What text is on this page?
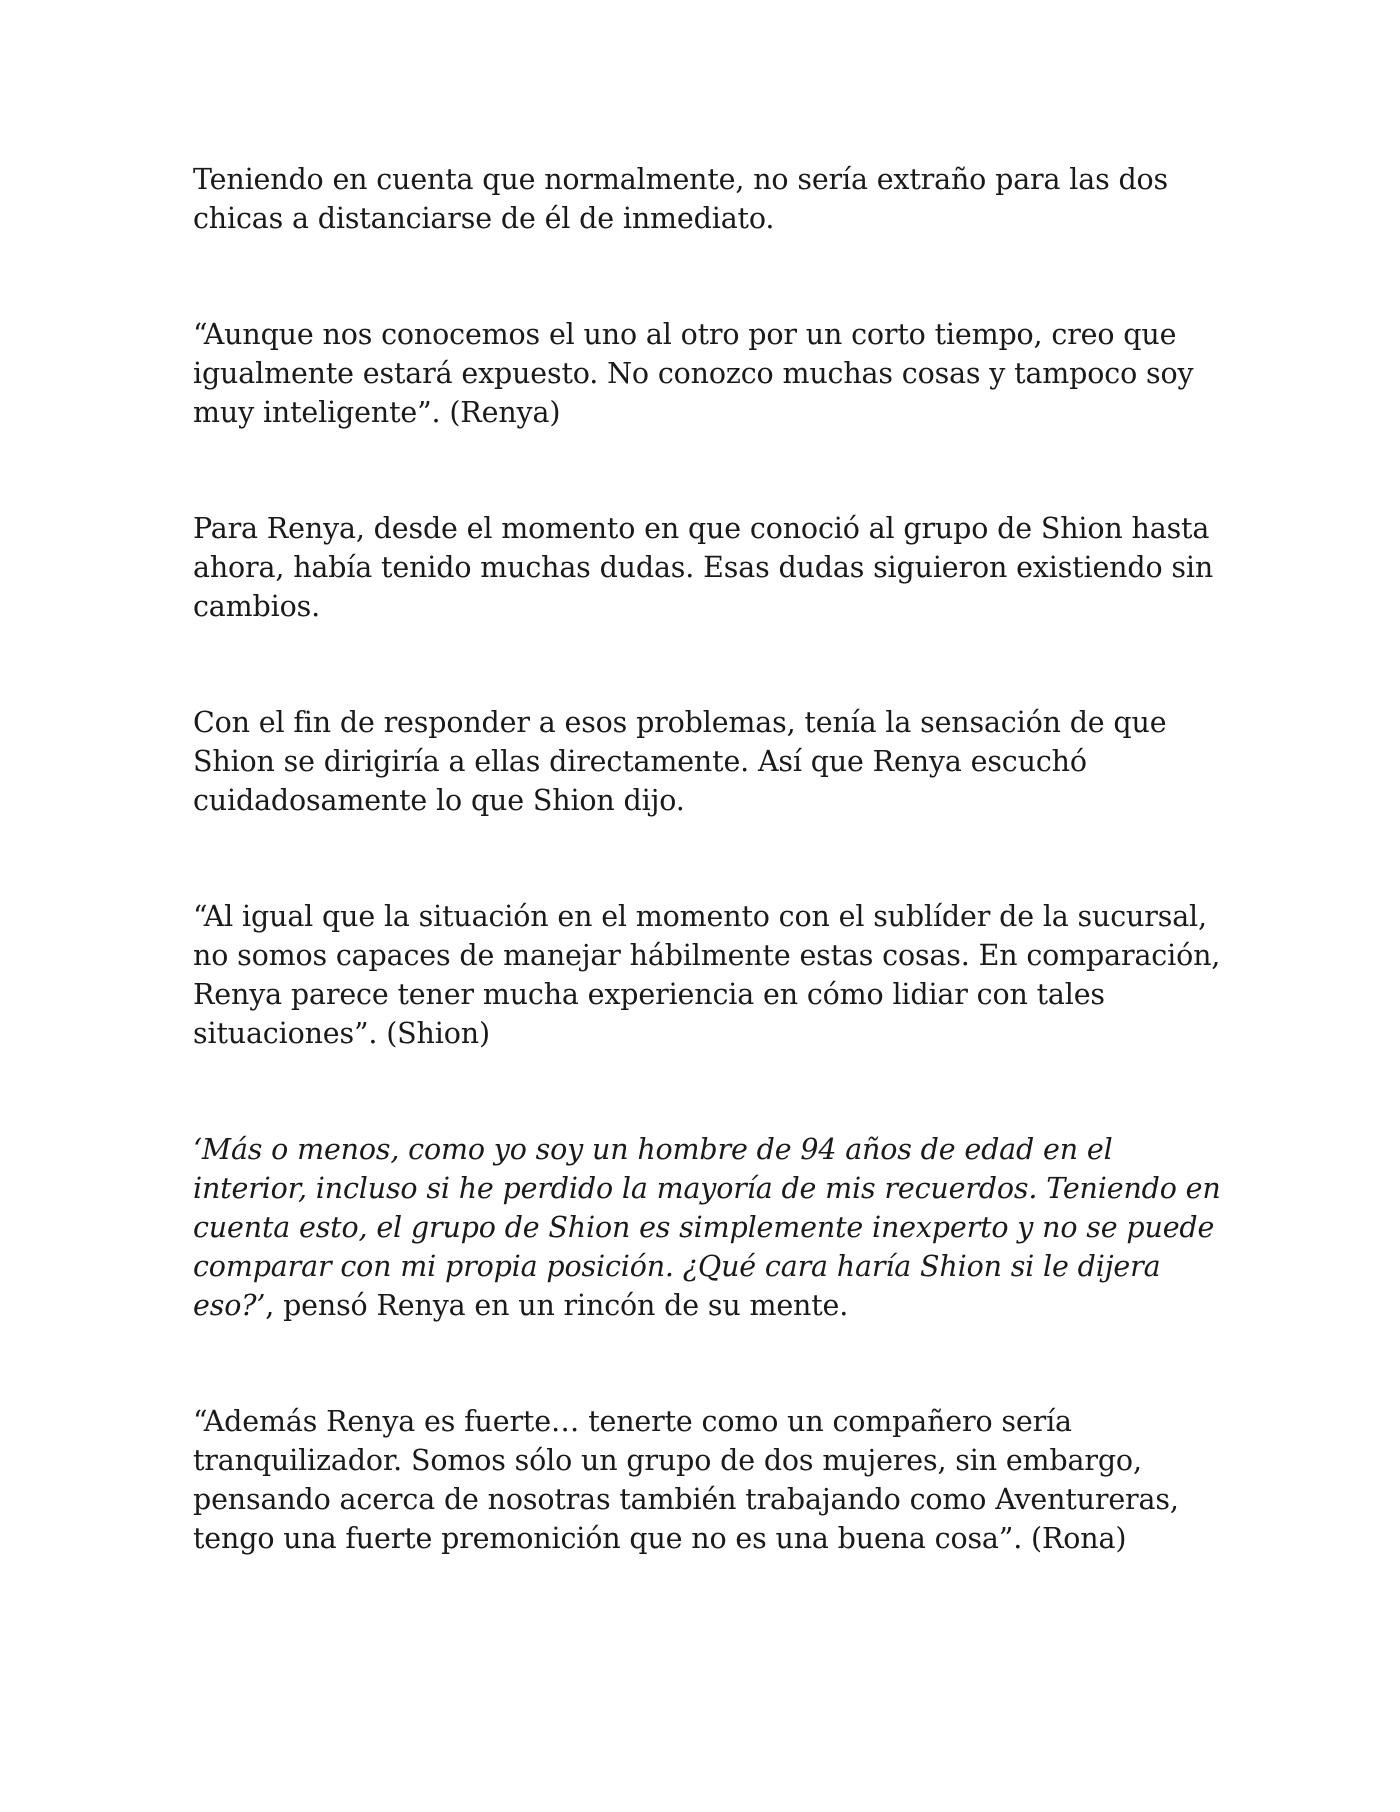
Teniendo en cuenta que normalmente, no sería extraño para las dos chicas a distanciarse de él de inmediato.

“Aunque nos conocemos el uno al otro por un corto tiempo, creo que igualmente estará expuesto. No conozco muchas cosas y tampoco soy muy inteligente”. (Renya)

Para Renya, desde el momento en que conoció al grupo de Shion hasta ahora, había tenido muchas dudas. Esas dudas siguieron existiendo sin cambios.

Con el fin de responder a esos problemas, tenía la sensación de que Shion se dirigiría a ellas directamente. Así que Renya escuchó cuidadosamente lo que Shion dijo.

“Al igual que la situación en el momento con el sublíder de la sucursal, no somos capaces de manejar hábilmente estas cosas. En comparación, Renya parece tener mucha experiencia en cómo lidiar con tales situaciones”. (Shion)

‘Más o menos, como yo soy un hombre de 94 años de edad en el interior, incluso si he perdido la mayoría de mis recuerdos. Teniendo en cuenta esto, el grupo de Shion es simplemente inexperto y no se puede comparar con mi propia posición. ¿Qué cara haría Shion si le dijera eso?’, pensó Renya en un rincón de su mente.

“Además Renya es fuerte… tenerte como un compañero sería tranquilizador. Somos sólo un grupo de dos mujeres, sin embargo, pensando acerca de nosotras también trabajando como Aventureras, tengo una fuerte premonición que no es una buena cosa”. (Rona)
